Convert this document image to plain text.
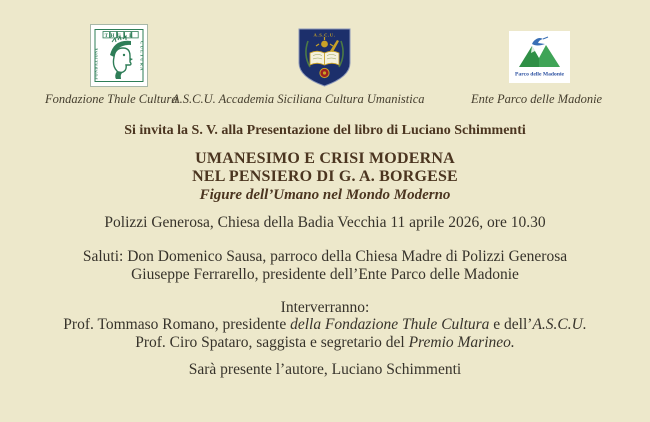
THULE
CULTURA
FONDAZIONE
A.S.C.U.
Parco delle Madonie
Fondazione Thule Cultura
A.S.C.U. Accademia Siciliana Cultura Umanistica	Ente Parco delle Madonie
Si invita la S. V. alla Presentazione del libro di Luciano Schimmenti
UMANESIMO E CRISI MODERNA
NEL PENSIERO DI G. A. BORGESE
Figure dell’Umano nel Mondo Moderno
Polizzi Generosa, Chiesa della Badia Vecchia 11 aprile 2026, ore 10.30
Saluti: Don Domenico Sausa, parroco della Chiesa Madre di Polizzi Generosa
Giuseppe Ferrarello, presidente dell’Ente Parco delle Madonie
Interverranno:
Prof. Tommaso Romano, presidente della Fondazione Thule Cultura e dell’A.S.C.U.
Prof. Ciro Spataro, saggista e segretario del Premio Marineo.
Sarà presente l’autore, Luciano Schimmenti
